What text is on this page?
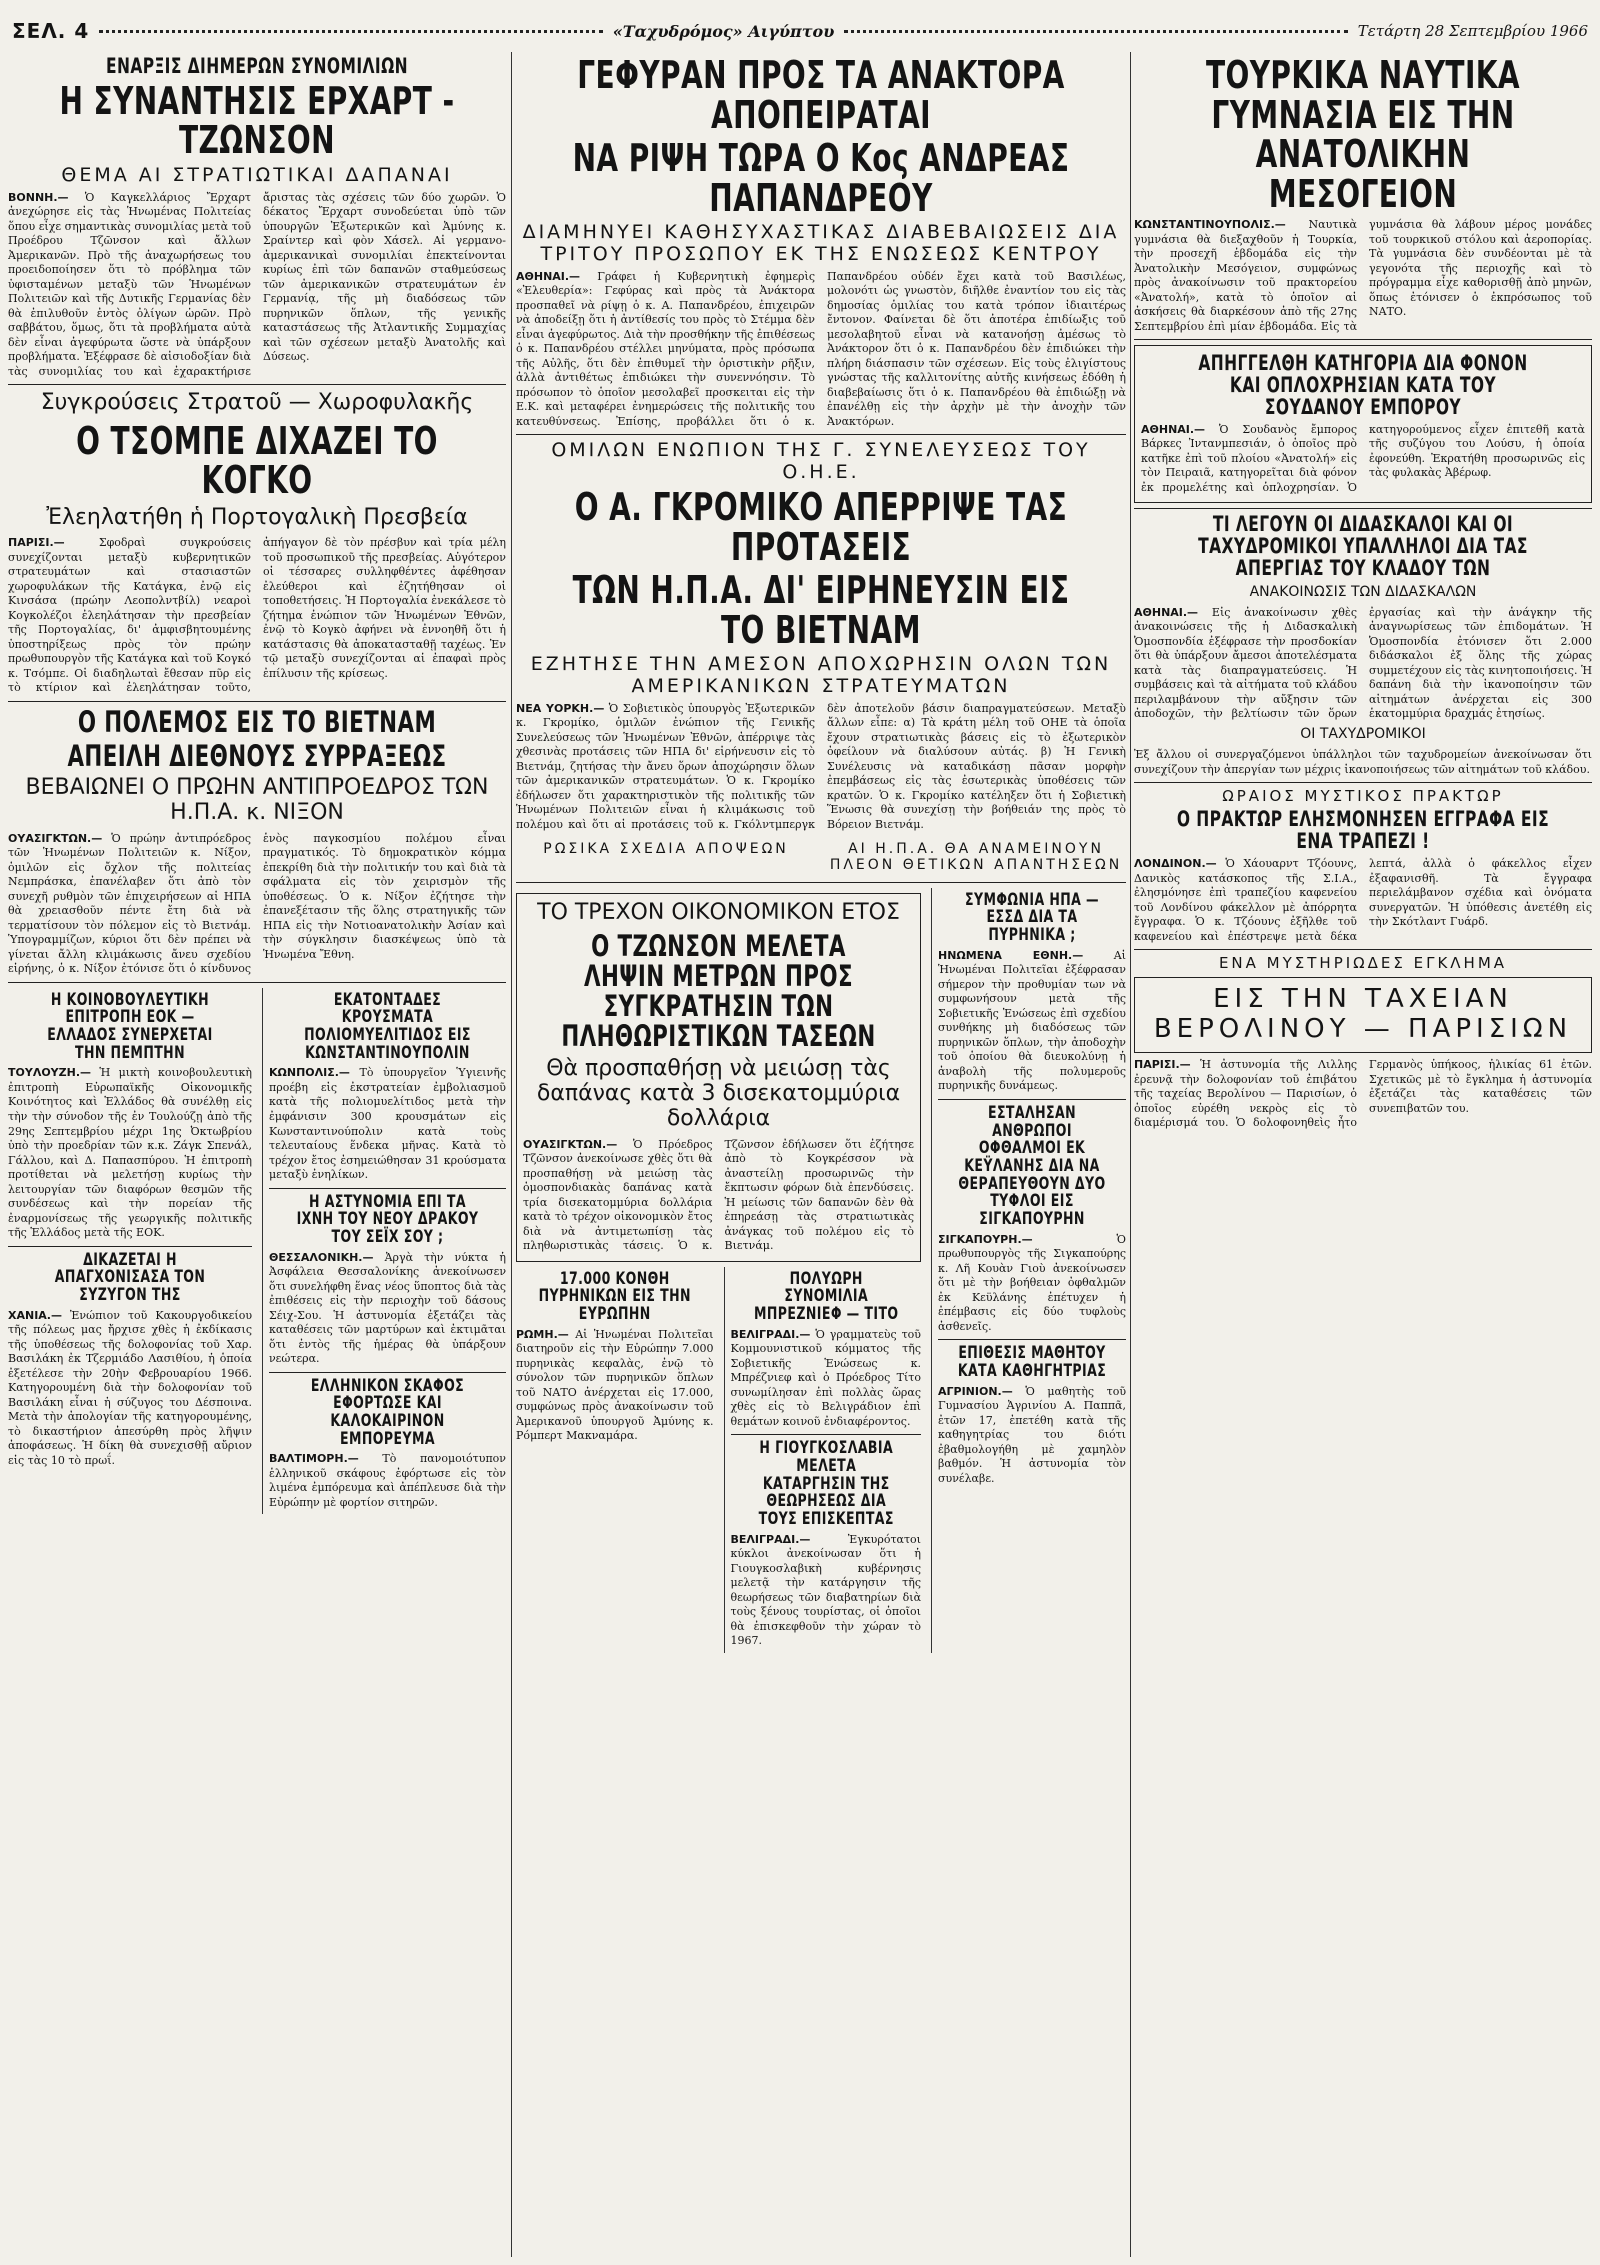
ΣΕΛ. 4	«Ταχυδρόμος» Αιγύπτου	Τετάρτη 28 Σεπτεμβρίου 1966
ΕΝΑΡΞΙΣ ΔΙΗΜΕΡΩΝ ΣΥΝΟΜΙΛΙΩΝ
Η ΣΥΝΑΝΤΗΣΙΣ ΕΡΧΑΡΤ - ΤΖΩΝΣΟΝ
ΘΕΜΑ ΑΙ ΣΤΡΑΤΙΩΤΙΚΑΙ ΔΑΠΑΝΑΙ
ΒΟΝΝΗ.— Ὁ Καγκελλάριος Ἔρχαρτ ἀνεχώρησε εἰς τὰς Ἡνωμένας Πολιτείας ὅπου εἶχε σημαντικὰς συνομιλίας μετὰ τοῦ Προέδρου Τζῶνσον καὶ ἄλλων Ἀμερικανῶν. Πρὸ τῆς ἀναχωρήσεως του προειδοποίησεν ὅτι τὸ πρόβλημα τῶν ὑφισταμένων μεταξὺ τῶν Ἡνωμένων Πολιτειῶν καὶ τῆς Δυτικῆς Γερμανίας δὲν θὰ ἐπιλυθοῦν ἐντὸς ὀλίγων ὡρῶν. Πρὸ σαββάτου, ὅμως, ὅτι τὰ προβλήματα αὐτὰ δὲν εἶναι ἀγεφύρωτα ὥστε νὰ ὑπάρξουν προβλήματα. Ἐξέφρασε δὲ αἰσιοδοξίαν διὰ τὰς συνομιλίας του καὶ ἐχαρακτήρισε ἄριστας τὰς σχέσεις τῶν δύο χωρῶν. Ὁ δέκατος Ἔρχαρτ συνοδεύεται ὑπὸ τῶν ὑπουργῶν Ἐξωτερικῶν καὶ Ἀμύνης κ. Σραίντερ καὶ φὸν Χάσελ. Αἱ γερμανο-ἀμερικανικαὶ συνομιλίαι ἐπεκτείνονται κυρίως ἐπὶ τῶν δαπανῶν σταθμεύσεως τῶν ἀμερικανικῶν στρατευμάτων ἐν Γερμανίᾳ, τῆς μὴ διαδόσεως τῶν πυρηνικῶν ὅπλων, τῆς γενικῆς καταστάσεως τῆς Ἀτλαντικῆς Συμμαχίας καὶ τῶν σχέσεων μεταξὺ Ἀνατολῆς καὶ Δύσεως.
Συγκρούσεις Στρατοῦ — Χωροφυλακῆς
Ο ΤΣΟΜΠΕ ΔΙΧΑΖΕΙ ΤΟ ΚΟΓΚΟ
Ἐλεηλατήθη ἡ Πορτογαλικὴ Πρεσβεία
ΠΑΡΙΣΙ.—	Σφοδραὶ συγκρούσεις συνεχίζονται μεταξὺ κυβερνητικῶν στρατευμάτων καὶ στασιαστῶν χωροφυλάκων τῆς Κατάγκα, ἐνῷ εἰς Κινσάσα (πρώην Λεοπολντβίλ) νεαροὶ Κογκολέζοι ἐλεηλάτησαν τὴν πρεσβείαν τῆς Πορτογαλίας, δι' ἀμφισβητουμένης ὑποστηρίξεως πρὸς τὸν πρώην πρωθυπουργὸν τῆς Κατάγκα καὶ τοῦ Κογκό κ. Τσόμπε. Οἱ διαδηλωταὶ ἔθεσαν πῦρ εἰς τὸ κτίριον καὶ ἐλεηλάτησαν τοῦτο, ἀπήγαγον δὲ τὸν πρέσβυν καὶ τρία μέλη τοῦ προσωπικοῦ τῆς πρεσβείας. Αὐγότερον οἱ τέσσαρες συλληφθέντες ἀφέθησαν ἐλεύθεροι καὶ ἐζητήθησαν οἱ τοποθετήσεις. Ἡ Πορτογαλία ἐνεκάλεσε τὸ ζήτημα ἐνώπιον τῶν Ἡνωμένων Ἐθνῶν, ἐνῷ τὸ Κογκὸ ἀφήνει νὰ ἐννοηθῆ ὅτι ἡ κατάστασις θὰ ἀποκατασταθῇ ταχέως. Ἐν τῷ μεταξὺ συνεχίζονται αἱ ἐπαφαὶ πρὸς ἐπίλυσιν τῆς κρίσεως.
Ο ΠΟΛΕΜΟΣ ΕΙΣ ΤΟ ΒΙΕΤΝΑΜ
ΑΠΕΙΛΗ ΔΙΕΘΝΟΥΣ ΣΥΡΡΑΞΕΩΣ
ΒΕΒΑΙΩΝΕΙ Ο ΠΡΩΗΝ ΑΝΤΙΠΡΟΕΔΡΟΣ ΤΩΝ Η.Π.Α. κ. ΝΙΞΟΝ
ΟΥΑΣΙΓΚΤΩΝ.— Ὁ πρώην ἀντιπρόεδρος τῶν Ἡνωμένων Πολιτειῶν κ. Νίξον, ὁμιλῶν εἰς ὄχλον τῆς πολιτείας Νεμπράσκα, ἐπανέλαβεν ὅτι ἀπὸ τὸν συνεχῆ ρυθμὸν τῶν ἐπιχειρήσεων αἱ ΗΠΑ θὰ χρειασθοῦν πέντε ἔτη διὰ νὰ τερματίσουν τὸν πόλεμον εἰς τὸ Βιετνάμ. Ὑπογραμμίζων, κύριοι ὅτι δὲν πρέπει νὰ γίνεται ἄλλη κλιμάκωσις ἄνευ σχεδίου εἰρήνης, ὁ κ. Νίξον ἐτόνισε ὅτι ὁ κίνδυνος ἑνὸς παγκοσμίου πολέμου εἶναι πραγματικός. Τὸ δημοκρατικὸν κόμμα ἐπεκρίθη διὰ τὴν πολιτικήν του καὶ διὰ τὰ σφάλματα εἰς τὸν χειρισμὸν τῆς ὑποθέσεως. Ὁ κ. Νίξον ἐζήτησε τὴν ἐπανεξέτασιν τῆς ὅλης στρατηγικῆς τῶν ΗΠΑ εἰς τὴν Νοτιοανατολικὴν Ἀσίαν καὶ τὴν σύγκλησιν διασκέψεως ὑπὸ τὰ Ἡνωμένα Ἔθνη.
Η ΚΟΙΝΟΒΟΥΛΕΥΤΙΚΗ ΕΠΙΤΡΟΠΗ ΕΟΚ — ΕΛΛΑΔΟΣ ΣΥΝΕΡΧΕΤΑΙ ΤΗΝ ΠΕΜΠΤΗΝ
ΤΟΥΛΟΥΖΗ.— Ἡ μικτὴ κοινοβουλευτικὴ ἐπιτροπὴ Εὐρωπαϊκῆς Οἰκονομικῆς Κοινότητος καὶ Ἑλλάδος θὰ συνέλθῃ εἰς τὴν τὴν σύνοδον τῆς ἐν Τουλούζῃ ἀπὸ τῆς 29ης Σεπτεμβρίου μέχρι 1ης Ὀκτωβρίου ὑπὸ τὴν προεδρίαν τῶν κ.κ. Ζάγκ Σπενάλ, Γάλλου, καὶ Δ. Παπασπύρου. Ἡ ἐπιτροπὴ προτίθεται νὰ μελετήσῃ κυρίως τὴν λειτουργίαν τῶν διαφόρων θεσμῶν τῆς συνδέσεως καὶ τὴν πορείαν τῆς ἐναρμονίσεως τῆς γεωργικῆς πολιτικῆς τῆς Ἑλλάδος μετὰ τῆς ΕΟΚ.
ΔΙΚΑΖΕΤΑΙ Η ΑΠΑΓΧΟΝΙΣΑΣΑ ΤΟΝ ΣΥΖΥΓΟΝ ΤΗΣ
ΧΑΝΙΑ.— Ἐνώπιον τοῦ Κακουργοδικείου τῆς πόλεως μας ἤρχισε χθὲς ἡ ἐκδίκασις τῆς ὑποθέσεως τῆς δολοφονίας τοῦ Χαρ. Βασιλάκη ἐκ Τζερμιάδο Λασιθίου, ἡ ὁποία ἐξετέλεσε τὴν 20ὴν Φεβρουαρίου 1966. Κατηγορουμένη διὰ τὴν δολοφονίαν τοῦ Βασιλάκη εἶναι ἡ σύζυγος του Δέσποινα. Μετὰ τὴν ἀπολογίαν τῆς κατηγορουμένης, τὸ δικαστήριον ἀπεσύρθη πρὸς λῆψιν ἀποφάσεως. Ἡ δίκη θὰ συνεχισθῇ αὔριον εἰς τὰς 10 τὸ πρωΐ.
ΕΚΑΤΟΝΤΑΔΕΣ ΚΡΟΥΣΜΑΤΑ ΠΟΛΙΟΜΥΕΛΙΤΙΔΟΣ ΕΙΣ ΚΩΝΣΤΑΝΤΙΝΟΥΠΟΛΙΝ
ΚΩΝΠΟΛΙΣ.— Τὸ ὑπουργεῖον Ὑγιεινῆς προέβη εἰς ἐκστρατείαν ἐμβολιασμοῦ κατὰ τῆς πολιομυελίτιδος μετὰ τὴν ἐμφάνισιν 300 κρουσμάτων εἰς Κωνσταντινούπολιν κατὰ τοὺς τελευταίους ἕνδεκα μῆνας. Κατὰ τὸ τρέχον ἔτος ἐσημειώθησαν 31 κρούσματα μεταξὺ ἐνηλίκων.
Η ΑΣΤΥΝΟΜΙΑ ΕΠΙ ΤΑ ΙΧΝΗ ΤΟΥ ΝΕΟΥ ΔΡΑΚΟΥ ΤΟΥ ΣΕΪΧ ΣΟΥ ;
ΘΕΣΣΑΛΟΝΙΚΗ.— Ἀργὰ τὴν νύκτα ἡ Ἀσφάλεια Θεσσαλονίκης ἀνεκοίνωσεν ὅτι συνελήφθη ἕνας νέος ὕποπτος διὰ τὰς ἐπιθέσεις εἰς τὴν περιοχὴν τοῦ δάσους Σέιχ-Σου. Ἡ ἀστυνομία ἐξετάζει τὰς καταθέσεις τῶν μαρτύρων καὶ ἐκτιμᾶται ὅτι ἐντὸς τῆς ἡμέρας θὰ ὑπάρξουν νεώτερα.
ΕΛΛΗΝΙΚΟΝ ΣΚΑΦΟΣ ΕΦΟΡΤΩΣΕ ΚΑΙ ΚΑΛΟΚΑΙΡΙΝΟΝ ΕΜΠΟΡΕΥΜΑ
ΒΑΛΤΙΜΟΡΗ.— Τὸ πανομοιότυπον ἑλληνικοῦ σκάφους ἐφόρτωσε εἰς τὸν λιμένα ἐμπόρευμα καὶ ἀπέπλευσε διὰ τὴν Εὐρώπην μὲ φορτίον σιτηρῶν.
ΓΕΦΥΡΑΝ ΠΡΟΣ ΤΑ ΑΝΑΚΤΟΡΑ ΑΠΟΠΕΙΡΑΤΑΙ
ΝΑ ΡΙΨΗ ΤΩΡΑ Ο Κος ΑΝΔΡΕΑΣ ΠΑΠΑΝΔΡΕΟΥ
ΔΙΑΜΗΝΥΕΙ ΚΑΘΗΣΥΧΑΣΤΙΚΑΣ ΔΙΑΒΕΒΑΙΩΣΕΙΣ ΔΙΑ ΤΡΙΤΟΥ ΠΡΟΣΩΠΟΥ ΕΚ ΤΗΣ ΕΝΩΣΕΩΣ ΚΕΝΤΡΟΥ
ΑΘΗΝΑΙ.— Γράφει ἡ Κυβερνητικὴ ἐφημερὶς «Ἐλευθερία»: Γεφύρας καὶ πρὸς τὰ Ἀνάκτορα προσπαθεῖ νὰ ρίψῃ ὁ κ. Α. Παπανδρέου, ἐπιχειρῶν νὰ ἀποδείξῃ ὅτι ἡ ἀντίθεσίς του πρὸς τὸ Στέμμα δὲν εἶναι ἀγεφύρωτος. Διὰ τὴν προσθήκην τῆς ἐπιθέσεως ὁ κ. Παπανδρέου στέλλει μηνύματα, πρὸς πρόσωπα τῆς Αὐλῆς, ὅτι δὲν ἐπιθυμεῖ τὴν ὁριστικὴν ρῆξιν, ἀλλὰ ἀντιθέτως ἐπιδιώκει τὴν συνεννόησιν. Τὸ πρόσωπον τὸ ὁποῖον μεσολαβεῖ προσκειται εἰς τὴν Ε.Κ. καὶ μεταφέρει ἐνημερώσεις τῆς πολιτικῆς του κατευθύνσεως. Ἐπίσης, προβάλλει ὅτι ὁ κ. Παπανδρέου οὐδέν ἔχει κατὰ τοῦ Βασιλέως, μολονότι ὡς γνωστὸν, διῆλθε ἐναντίον του εἰς τὰς δημοσίας ὁμιλίας του κατὰ τρόπον ἰδιαιτέρως ἔντονον. Φαίνεται δὲ ὅτι ἀποτέρα ἐπιδίωξις τοῦ μεσολαβητοῦ εἶναι νὰ κατανοήσῃ ἀμέσως τὸ Ἀνάκτορον ὅτι ὁ κ. Παπανδρέου δὲν ἐπιδιώκει τὴν πλήρη διάσπασιν τῶν σχέσεων. Εἰς τοὺς ἐλιγίστους γνώστας τῆς καλλιτονίτης αὐτῆς κινήσεως ἐδόθη ἡ διαβεβαίωσις ὅτι ὁ κ. Παπανδρέου θὰ ἐπιδιώξῃ νὰ ἐπανέλθῃ εἰς τὴν ἀρχὴν μὲ τὴν ἀνοχὴν τῶν Ἀνακτόρων.
ΟΜΙΛΩΝ ΕΝΩΠΙΟΝ ΤΗΣ Γ. ΣΥΝΕΛΕΥΣΕΩΣ ΤΟΥ Ο.Η.Ε.
Ο Α. ΓΚΡΟΜΙΚΟ ΑΠΕΡΡΙΨΕ ΤΑΣ ΠΡΟΤΑΣΕΙΣ
ΤΩΝ Η.Π.Α. ΔΙ' ΕΙΡΗΝΕΥΣΙΝ ΕΙΣ ΤΟ ΒΙΕΤΝΑΜ
ΕΖΗΤΗΣΕ ΤΗΝ ΑΜΕΣΟΝ ΑΠΟΧΩΡΗΣΙΝ ΟΛΩΝ ΤΩΝ ΑΜΕΡΙΚΑΝΙΚΩΝ ΣΤΡΑΤΕΥΜΑΤΩΝ
ΝΕΑ ΥΟΡΚΗ.— Ὁ Σοβιετικὸς ὑπουργὸς Ἐξωτερικῶν κ. Γκρομίκο, ὁμιλῶν ἐνώπιον τῆς Γενικῆς Συνελεύσεως τῶν Ἡνωμένων Ἐθνῶν, ἀπέρριψε τὰς χθεσινὰς προτάσεις τῶν ΗΠΑ δι' εἰρήνευσιν εἰς τὸ Βιετνάμ, ζητήσας τὴν ἄνευ ὅρων ἀποχώρησιν ὅλων τῶν ἀμερικανικῶν στρατευμάτων. Ὁ κ. Γκρομίκο ἐδήλωσεν ὅτι χαρακτηριστικὸν τῆς πολιτικῆς τῶν Ἡνωμένων Πολιτειῶν εἶναι ἡ κλιμάκωσις τοῦ πολέμου καὶ ὅτι αἱ προτάσεις τοῦ κ. Γκόλντμπεργκ δὲν ἀποτελοῦν βάσιν διαπραγματεύσεων. Μεταξὺ ἄλλων εἶπε: α) Τὰ κράτη μέλη τοῦ ΟΗΕ τὰ ὁποῖα ἔχουν στρατιωτικὰς βάσεις εἰς τὸ ἐξωτερικὸν ὀφείλουν νὰ διαλύσουν αὐτάς. β) Ἡ Γενικὴ Συνέλευσις νὰ καταδικάσῃ πᾶσαν μορφὴν ἐπεμβάσεως εἰς τὰς ἐσωτερικὰς ὑποθέσεις τῶν κρατῶν. Ὁ κ. Γκρομίκο κατέληξεν ὅτι ἡ Σοβιετικὴ Ἕνωσις θὰ συνεχίσῃ τὴν βοήθειάν της πρὸς τὸ Βόρειον Βιετνάμ.
ΡΩΣΙΚΑ ΣΧΕΔΙΑ ΑΠΟΨΕΩΝ	ΑΙ Η.Π.Α. ΘΑ ΑΝΑΜΕΙΝΟΥΝ ΠΛΕΟΝ ΘΕΤΙΚΩΝ ΑΠΑΝΤΗΣΕΩΝ
ΤΟ ΤΡΕΧΟΝ ΟΙΚΟΝΟΜΙΚΟΝ ΕΤΟΣ
Ο ΤΖΩΝΣΟΝ ΜΕΛΕΤΑ ΛΗΨΙΝ ΜΕΤΡΩΝ ΠΡΟΣ ΣΥΓΚΡΑΤΗΣΙΝ ΤΩΝ ΠΛΗΘΩΡΙΣΤΙΚΩΝ ΤΑΣΕΩΝ
Θὰ προσπαθήσῃ νὰ μειώσῃ τὰς δαπάνας κατὰ 3 δισεκατομμύρια δολλάρια
ΟΥΑΣΙΓΚΤΩΝ.— Ὁ Πρόεδρος Τζῶνσον ἀνεκοίνωσε χθὲς ὅτι θὰ προσπαθήσῃ νὰ μειώσῃ τὰς ὁμοσπονδιακὰς δαπάνας κατὰ τρία δισεκατομμύρια δολλάρια κατὰ τὸ τρέχον οἰκονομικὸν ἔτος διὰ νὰ ἀντιμετωπίσῃ τὰς πληθωριστικὰς τάσεις. Ὁ κ. Τζῶνσον ἐδήλωσεν ὅτι ἐζήτησε ἀπὸ τὸ Κογκρέσσον νὰ ἀναστείλῃ προσωρινῶς τὴν ἔκπτωσιν φόρων διὰ ἐπενδύσεις. Ἡ μείωσις τῶν δαπανῶν δὲν θὰ ἐπηρεάσῃ τὰς στρατιωτικὰς ἀνάγκας τοῦ πολέμου εἰς τὸ Βιετνάμ.
17.000 ΚΟΝΘΗ ΠΥΡΗΝΙΚΩΝ ΕΙΣ ΤΗΝ ΕΥΡΩΠΗΝ
ΡΩΜΗ.— Αἱ Ἡνωμέναι Πολιτεῖαι διατηροῦν εἰς τὴν Εὐρώπην 7.000 πυρηνικὰς κεφαλὰς, ἐνῷ τὸ σύνολον τῶν πυρηνικῶν ὅπλων τοῦ ΝΑΤΟ ἀνέρχεται εἰς 17.000, συμφώνως πρὸς ἀνακοίνωσιν τοῦ Ἀμερικανοῦ ὑπουργοῦ Ἀμύνης κ. Ρόμπερτ Μακναμάρα.
ΠΟΛΥΩΡΗ ΣΥΝΟΜΙΛΙΑ ΜΠΡΕΖΝΙΕΦ — ΤΙΤΟ
ΒΕΛΙΓΡΑΔΙ.— Ὁ γραμματεὺς τοῦ Κομμουνιστικοῦ κόμματος τῆς Σοβιετικῆς Ἑνώσεως κ. Μπρέζνιεφ καὶ ὁ Πρόεδρος Τίτο συνωμίλησαν ἐπὶ πολλὰς ὥρας χθὲς εἰς τὸ Βελιγράδιον ἐπὶ θεμάτων κοινοῦ ἐνδιαφέροντος.
Η ΓΙΟΥΓΚΟΣΛΑΒΙΑ ΜΕΛΕΤΑ ΚΑΤΑΡΓΗΣΙΝ ΤΗΣ ΘΕΩΡΗΣΕΩΣ ΔΙΑ ΤΟΥΣ ΕΠΙΣΚΕΠΤΑΣ
ΒΕΛΙΓΡΑΔΙ.—	Ἐγκυρότατοι κύκλοι ἀνεκοίνωσαν ὅτι ἡ Γιουγκοσλαβικὴ κυβέρνησις μελετᾷ τὴν κατάργησιν τῆς θεωρήσεως τῶν διαβατηρίων διὰ τοὺς ξένους τουρίστας, οἱ ὁποῖοι θὰ ἐπισκεφθοῦν τὴν χώραν τὸ 1967.
ΣΥΜΦΩΝΙΑ ΗΠΑ — ΕΣΣΔ ΔΙΑ ΤΑ ΠΥΡΗΝΙΚΑ ;
ΗΝΩΜΕΝΑ ΕΘΝΗ.—	Αἱ Ἡνωμέναι Πολιτεῖαι ἐξέφρασαν σήμερον τὴν προθυμίαν των νὰ συμφωνήσουν μετὰ τῆς Σοβιετικῆς Ἑνώσεως ἐπὶ σχεδίου συνθήκης μὴ διαδόσεως τῶν πυρηνικῶν ὅπλων, τὴν ἀποδοχὴν τοῦ ὁποίου θὰ διευκολύνῃ ἡ ἀναβολὴ τῆς πολυμεροῦς πυρηνικῆς δυνάμεως.
ΕΣΤΑΛΗΣΑΝ ΑΝΘΡΩΠΟΙ ΟΦΘΑΛΜΟΙ ΕΚ ΚΕΫΛΑΝΗΣ ΔΙΑ ΝΑ ΘΕΡΑΠΕΥΘΟΥΝ ΔΥΟ ΤΥΦΛΟΙ ΕΙΣ ΣΙΓΚΑΠΟΥΡΗΝ
ΣΙΓΚΑΠΟΥΡΗ.—	Ὁ πρωθυπουργὸς τῆς Σιγκαπούρης κ. Λῆ Κουὰν Γιοὺ ἀνεκοίνωσεν ὅτι μὲ τὴν βοήθειαν ὀφθαλμῶν ἐκ Κεϋλάνης ἐπέτυχεν ἡ ἐπέμβασις εἰς δύο τυφλοὺς ἀσθενεῖς.
ΕΠΙΘΕΣΙΣ ΜΑΘΗΤΟΥ ΚΑΤΑ ΚΑΘΗΓΗΤΡΙΑΣ
ΑΓΡΙΝΙΟΝ.— Ὁ μαθητὴς τοῦ Γυμνασίου Ἀγρινίου Α. Παππᾶ, ἐτῶν 17, ἐπετέθη κατὰ τῆς καθηγητρίας του διότι ἐβαθμολογήθη μὲ χαμηλὸν βαθμόν. Ἡ ἀστυνομία τὸν συνέλαβε.
ΤΟΥΡΚΙΚΑ ΝΑΥΤΙΚΑ ΓΥΜΝΑΣΙΑ ΕΙΣ ΤΗΝ ΑΝΑΤΟΛΙΚΗΝ ΜΕΣΟΓΕΙΟΝ
ΚΩΝΣΤΑΝΤΙΝΟΥΠΟΛΙΣ.— Ναυτικὰ γυμνάσια θὰ διεξαχθοῦν ἡ Τουρκία, τὴν προσεχῆ ἑβδομάδα εἰς τὴν Ἀνατολικὴν Μεσόγειον, συμφώνως πρὸς ἀνακοίνωσιν τοῦ πρακτορείου «Ἀνατολή», κατὰ τὸ ὁποῖον αἱ ἀσκήσεις θὰ διαρκέσουν ἀπὸ τῆς 27ης Σεπτεμβρίου ἐπὶ μίαν ἑβδομάδα. Εἰς τὰ γυμνάσια θὰ λάβουν μέρος μονάδες τοῦ τουρκικοῦ στόλου καὶ ἀεροπορίας. Τὰ γυμνάσια δὲν συνδέονται μὲ τὰ γεγονότα τῆς περιοχῆς καὶ τὸ πρόγραμμα εἶχε καθορισθῇ ἀπὸ μηνῶν, ὅπως ἐτόνισεν ὁ ἐκπρόσωπος τοῦ ΝΑΤΟ.
ΑΠΗΓΓΕΛΘΗ ΚΑΤΗΓΟΡΙΑ ΔΙΑ ΦΟΝΟΝ ΚΑΙ ΟΠΛΟΧΡΗΣΙΑΝ ΚΑΤΑ ΤΟΥ ΣΟΥΔΑΝΟΥ ΕΜΠΟΡΟΥ
ΑΘΗΝΑΙ.— Ὁ Σουδανὸς ἔμπορος Βάρκες Ἰντανμπεσιάν, ὁ ὁποῖος πρὸ κατῆκε ἐπὶ τοῦ πλοίου «Ἀνατολή» εἰς τὸν Πειραιᾶ, κατηγορεῖται διὰ φόνον ἐκ προμελέτης καὶ ὁπλοχρησίαν. Ὁ κατηγορούμενος εἶχεν ἐπιτεθῆ κατὰ τῆς συζύγου του Λούσυ, ἡ ὁποία ἐφονεύθη. Ἐκρατήθη προσωρινῶς εἰς τὰς φυλακὰς Ἀβέρωφ.
ΤΙ ΛΕΓΟΥΝ ΟΙ ΔΙΔΑΣΚΑΛΟΙ ΚΑΙ ΟΙ ΤΑΧΥΔΡΟΜΙΚΟΙ ΥΠΑΛΛΗΛΟΙ ΔΙΑ ΤΑΣ ΑΠΕΡΓΙΑΣ ΤΟΥ ΚΛΑΔΟΥ ΤΩΝ
ΑΝΑΚΟΙΝΩΣΙΣ ΤΩΝ ΔΙΔΑΣΚΑΛΩΝ
ΑΘΗΝΑΙ.— Εἰς ἀνακοίνωσιν χθὲς ἀνακοινώσεις τῆς ἡ Διδασκαλικὴ Ὁμοσπονδία ἐξέφρασε τὴν προσδοκίαν ὅτι θὰ ὑπάρξουν ἄμεσοι ἀποτελέσματα κατὰ τὰς διαπραγματεύσεις. Ἡ συμβάσεις καὶ τὰ αἰτήματα τοῦ κλάδου περιλαμβάνουν τὴν αὔξησιν τῶν ἀποδοχῶν, τὴν βελτίωσιν τῶν ὅρων ἐργασίας καὶ τὴν ἀνάγκην τῆς ἀναγνωρίσεως τῶν ἐπιδομάτων. Ἡ Ὁμοσπονδία ἐτόνισεν ὅτι 2.000 διδάσκαλοι ἐξ ὅλης τῆς χώρας συμμετέχουν εἰς τὰς κινητοποιήσεις. Ἡ δαπάνη διὰ τὴν ἱκανοποίησιν τῶν αἰτημάτων ἀνέρχεται εἰς 300 ἑκατομμύρια δραχμάς ἐτησίως.
ΟΙ ΤΑΧΥΔΡΟΜΙΚΟΙ
Ἐξ ἄλλου οἱ συνεργαζόμενοι ὑπάλληλοι τῶν ταχυδρομείων ἀνεκοίνωσαν ὅτι συνεχίζουν τὴν ἀπεργίαν των μέχρις ἱκανοποιήσεως τῶν αἰτημάτων τοῦ κλάδου.
ΩΡΑΙΟΣ ΜΥΣΤΙΚΟΣ ΠΡΑΚΤΩΡ
Ο ΠΡΑΚΤΩΡ ΕΛΗΣΜΟΝΗΣΕΝ ΕΓΓΡΑΦΑ ΕΙΣ ΕΝΑ ΤΡΑΠΕΖΙ !
ΛΟΝΔΙΝΟΝ.— Ὁ Χάουαρντ Τζόουνς, Δανικὸς κατάσκοπος τῆς Σ.Ι.Α., ἐλησμόνησε ἐπὶ τραπεζίου καφενείου τοῦ Λονδίνου φάκελλον μὲ ἀπόρρητα ἔγγραφα. Ὁ κ. Τζόουνς ἐξῆλθε τοῦ καφενείου καὶ ἐπέστρεψε μετὰ δέκα λεπτά, ἀλλὰ ὁ φάκελλος εἶχεν ἐξαφανισθῆ. Τὰ ἔγγραφα περιελάμβανον σχέδια καὶ ὀνόματα συνεργατῶν. Ἡ ὑπόθεσις ἀνετέθη εἰς τὴν Σκότλαντ Γυάρδ.
ΕΝΑ ΜΥΣΤΗΡΙΩΔΕΣ ΕΓΚΛΗΜΑ
ΕΙΣ ΤΗΝ ΤΑΧΕΙΑΝ ΒΕΡΟΛΙΝΟΥ — ΠΑΡΙΣΙΩΝ
ΠΑΡΙΣΙ.— Ἡ ἀστυνομία τῆς Λιλλης ἐρευνᾷ τὴν δολοφονίαν τοῦ ἐπιβάτου τῆς ταχείας Βερολίνου — Παρισίων, ὁ ὁποῖος εὑρέθη νεκρὸς εἰς τὸ διαμέρισμά του. Ὁ δολοφονηθεὶς ἦτο Γερμανὸς ὑπήκοος, ἡλικίας 61 ἐτῶν. Σχετικῶς μὲ τὸ ἔγκλημα ἡ ἀστυνομία ἐξετάζει τὰς καταθέσεις τῶν συνεπιβατῶν του.
